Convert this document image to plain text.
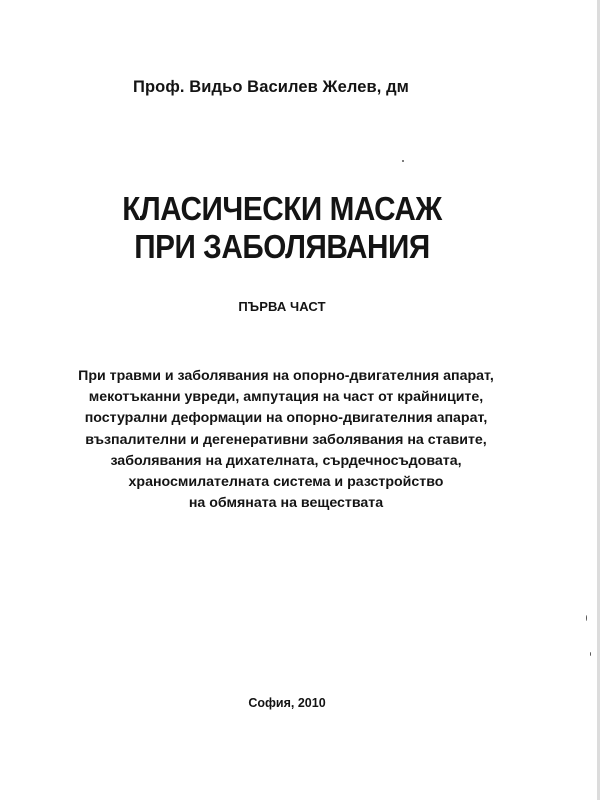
Проф. Видьо Василев Желев, дм
КЛАСИЧЕСКИ МАСАЖ
ПРИ ЗАБОЛЯВАНИЯ
ПЪРВА ЧАСТ
При травми и заболявания на опорно-двигателния апарат,
мекотъканни увреди, ампутация на част от крайниците,
постурални деформации на опорно-двигателния апарат,
възпалителни и дегенеративни заболявания на ставите,
заболявания на дихателната, сърдечносъдовата,
храносмилателната система и разстройство
на обмяната на веществата
София, 2010
